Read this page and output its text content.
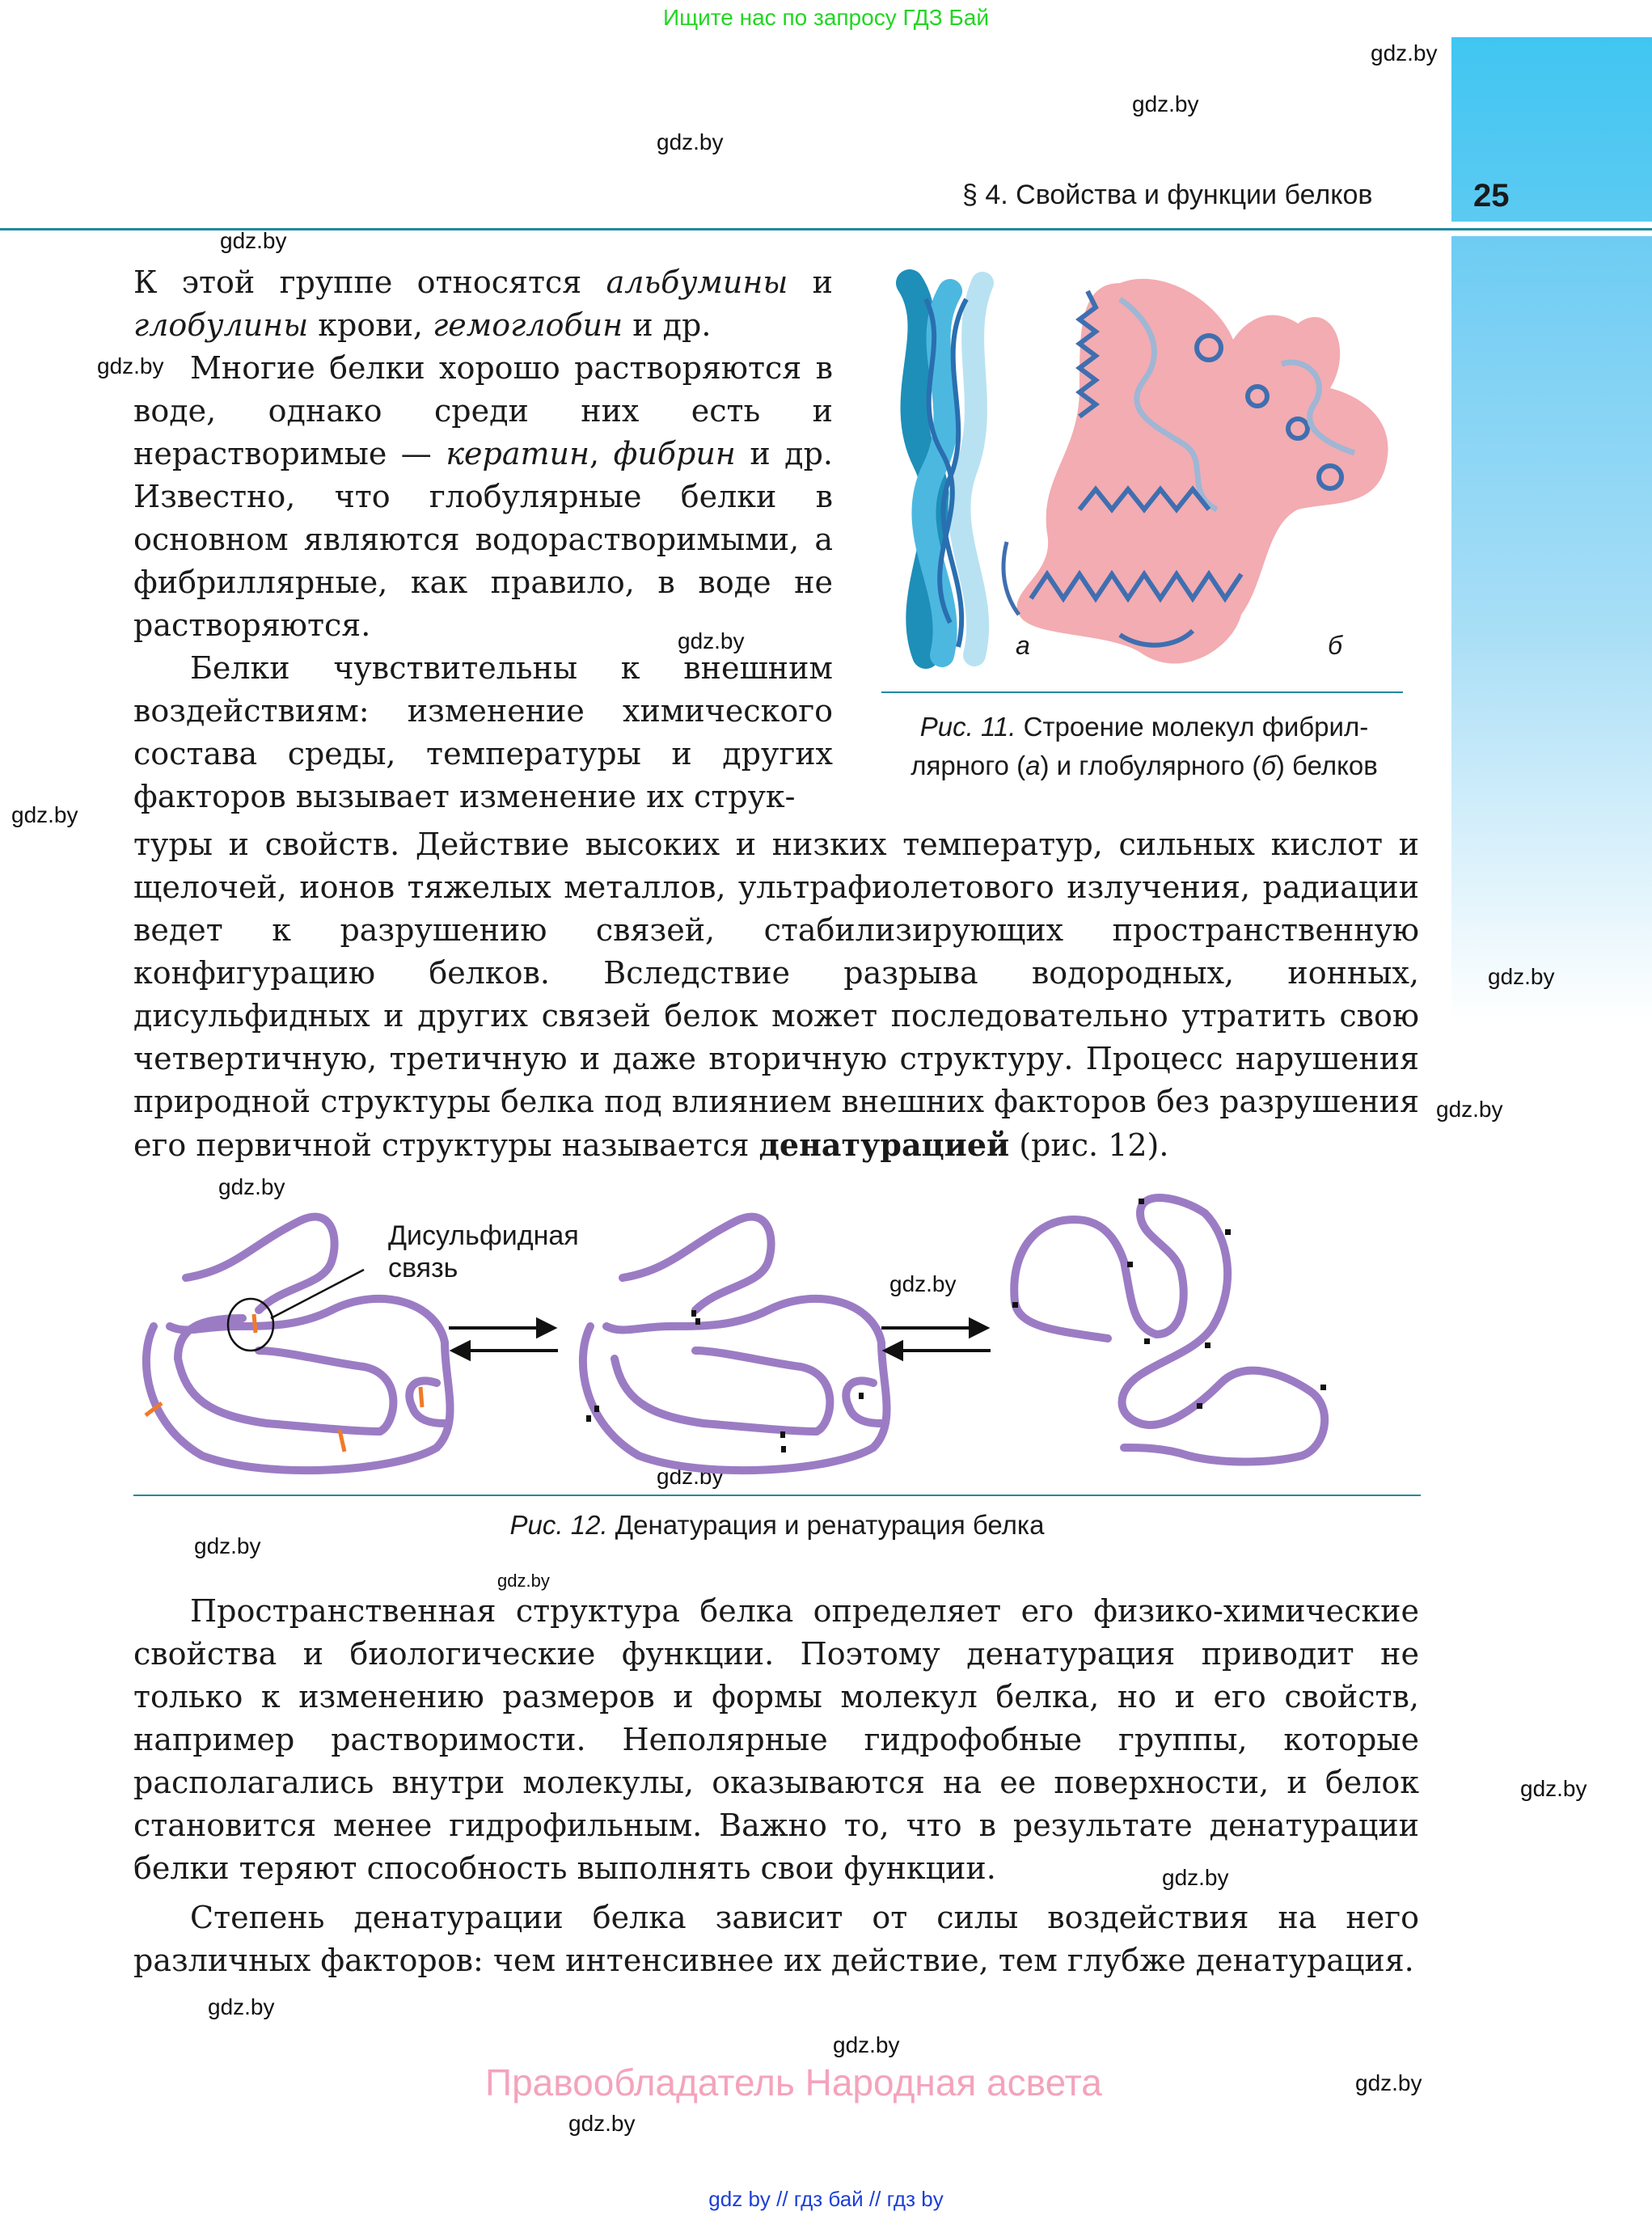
Ищите нас по запросу ГДЗ Бай
25
§ 4. Свойства и функции белков
gdz.by
gdz.by
gdz.by
gdz.by
gdz.by
gdz.by
gdz.by
gdz.by
gdz.by
gdz.by
gdz.by
gdz.by
gdz.by
gdz.by
gdz.by
gdz.by
gdz.by
gdz.by
gdz.by
gdz.by

К этой группе относятся альбумины и глобулины крови, гемоглобин и др.

Многие белки хорошо растворяются в воде, однако среди них есть и нерастворимые — кератин, фибрин и др. Известно, что глобулярные белки в основном являются водорастворимыми, а фибриллярные, как правило, в воде не растворяются.

Белки чувствительны к внешним воздействиям: изменение химического состава среды, температуры и других факторов вызывает изменение их струк-

туры и свойств. Действие высоких и низких температур, сильных кислот и щелочей, ионов тяжелых металлов, ультрафиолетового излучения, радиации ведет к разрушению связей, стабилизирующих пространственную конфигурацию белков. Вследствие разрыва водородных, ионных, дисульфидных и других связей белок может последовательно утратить свою четвертичную, третичную и даже вторичную структуру. Процесс нарушения природной структуры белка под влиянием внешних факторов без разрушения его первичной структуры называется денатурацией (рис. 12).

а	б
Рис. 11. Строение молекул фибрил-
лярного (а) и глобулярного (б) белков
Дисульфидная
связь
Рис. 12. Денатурация и ренатурация белка

Пространственная структура белка определяет его физико-химические свойства и биологические функции. Поэтому денатурация приводит не только к изменению размеров и формы молекул белка, но и его свойств, например растворимости. Неполярные гидрофобные группы, которые располагались внутри молекулы, оказываются на ее поверхности, и белок становится менее гидрофильным. Важно то, что в результате денатурации белки теряют способность выполнять свои функции.

Степень денатурации белка зависит от силы воздействия на него различных факторов: чем интенсивнее их действие, тем глубже денатурация.

Правообладатель Народная асвета
gdz by // гдз бай // гдз by
